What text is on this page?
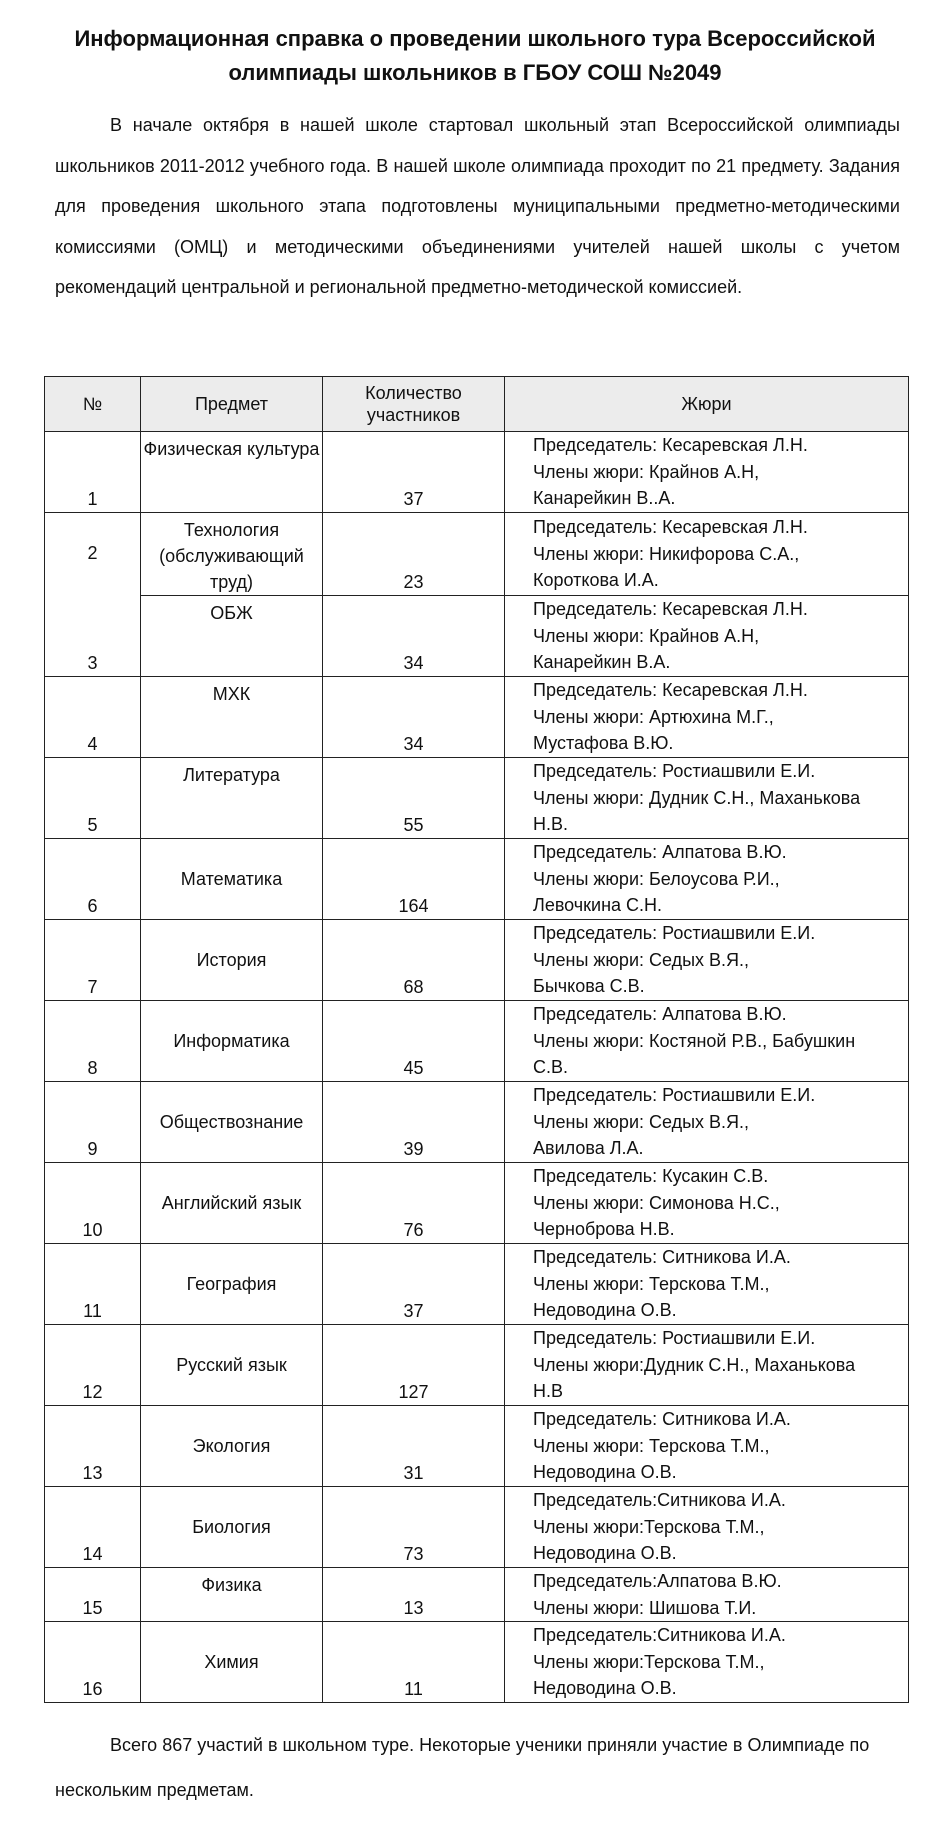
Информационная справка о проведении школьного тура Всероссийской олимпиады школьников в ГБОУ СОШ №2049

В начале октября в нашей школе стартовал школьный этап Всероссийской олимпиады школьников 2011-2012 учебного года. В нашей школе олимпиада проходит по 21 предмету. Задания для проведения школьного этапа подготовлены муниципальными предметно-методическими комиссиями (ОМЦ) и методическими объединениями учителей нашей школы с учетом рекомендаций центральной и региональной предметно-методической комиссией.

№	Предмет	Количество
участников	Жюри
1	Физическая культура	37	Председатель: Кесаревская Л.Н.
Члены жюри: Крайнов А.Н,
Канарейкин В..А.

2	Технология (обслуживающий труд)	23	Председатель: Кесаревская Л.Н.
Члены жюри: Никифорова С.А.,
Короткова И.А.

3	ОБЖ	34	Председатель: Кесаревская Л.Н.
Члены жюри: Крайнов А.Н,
Канарейкин В.А.

4	МХК	34	Председатель: Кесаревская Л.Н.
Члены жюри: Артюхина М.Г.,
Мустафова В.Ю.

5	Литература	55	Председатель: Ростиашвили Е.И.
Члены жюри: Дудник С.Н., Маханькова
Н.В.

6	Математика	164	Председатель: Алпатова В.Ю.
Члены жюри: Белоусова Р.И.,
Левочкина С.Н.

7	История	68	Председатель: Ростиашвили Е.И.
Члены жюри: Седых В.Я.,
Бычкова С.В.

8	Информатика	45	Председатель: Алпатова В.Ю.
Члены жюри: Костяной Р.В., Бабушкин
С.В.

9	Обществознание	39	Председатель: Ростиашвили Е.И.
Члены жюри: Седых В.Я.,
Авилова Л.А.

10	Английский язык	76	Председатель: Кусакин С.В.
Члены жюри: Симонова Н.С.,
Черноброва Н.В.

11	География	37	Председатель: Ситникова И.А.
Члены жюри: Терскова Т.М.,
Недоводина О.В.

12	Русский язык	127	Председатель: Ростиашвили Е.И.
Члены жюри:Дудник С.Н., Маханькова
Н.В

13	Экология	31	Председатель: Ситникова И.А.
Члены жюри: Терскова Т.М.,
Недоводина О.В.

14	Биология	73	Председатель:Ситникова И.А.
Члены жюри:Терскова Т.М.,
Недоводина О.В.

15	Физика	13	Председатель:Алпатова В.Ю.
Члены жюри: Шишова Т.И.

16	Химия	11	Председатель:Ситникова И.А.
Члены жюри:Терскова Т.М.,
Недоводина О.В.

Всего 867 участий в школьном туре. Некоторые ученики приняли участие в Олимпиаде по нескольким предметам.
